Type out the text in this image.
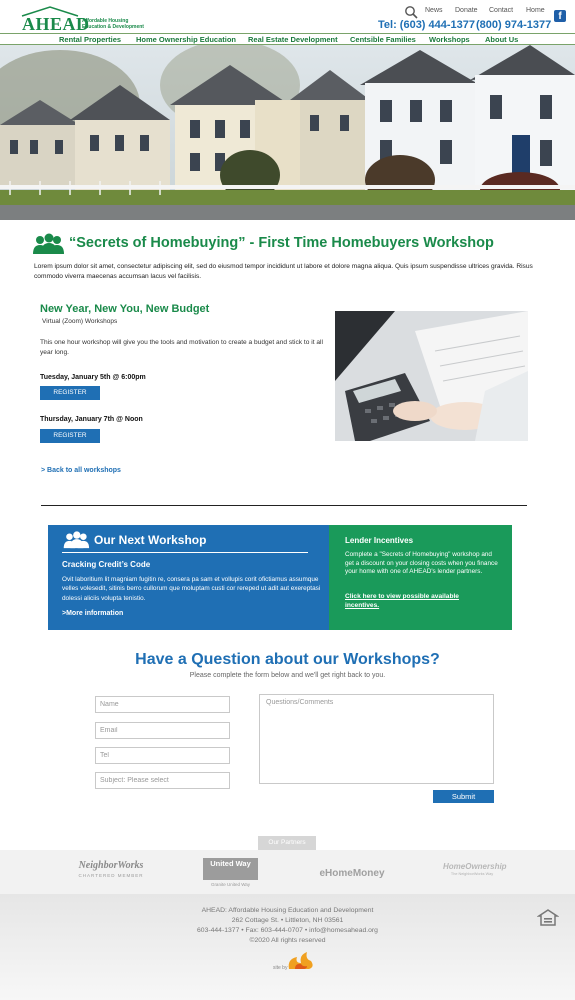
AHEAD
Affordable Housing Education & Development
News Donate Contact Home
Tel: (603) 444-1377 (800) 974-1377
f
Rental Properties Home Ownership Education Real Estate Development Centsible Families Workshops About Us
“Secrets of Homebuying” - First Time Homebuyers Workshop

Lorem ipsum dolor sit amet, consectetur adipiscing elit, sed do eiusmod tempor incididunt ut labore et dolore magna aliqua. Quis ipsum suspendisse ultrices gravida. Risus commodo viverra maecenas accumsan lacus vel facilisis.

New Year, New You, New Budget
Virtual (Zoom) Workshops

This one hour workshop will give you the tools and motivation to create a budget and stick to it all year long.

Tuesday, January 5th @ 6:00pm
REGISTER
Thursday, January 7th @ Noon
REGISTER
> Back to all workshops
Our Next Workshop
Cracking Credit’s Code

Ovit laboritium lit magniam fugitin re, consera pa sam et vollupis corit ofictiamus assumque velles volesedit, sitinis berro cullorum que moluptam custi cor rereped ut adit aut exereptasi dolessi aliciis volupta tenistio.

>More information
Lender Incentives

Complete a "Secrets of Homebuying" workshop and get a discount on your closing costs when you finance your home with one of AHEAD's lender partners.

Click here to view possible available incentives.
Have a Question about our Workshops?

Please complete the form below and we'll get right back to you.

Name
Email
Tel
Subject: Please select
Questions/Comments
Submit
Our Partners
NeighborWorks
CHARTERED MEMBER
United Way
Granite United Way
eHomeMoney
HomeOwnership
The NeighborWorks Way
AHEAD: Affordable Housing Education and Development
262 Cottage St. • Littleton, NH 03561
603-444-1377 • Fax: 603-444-0707 • info@homesahead.org
©2020 All rights reserved
site by
